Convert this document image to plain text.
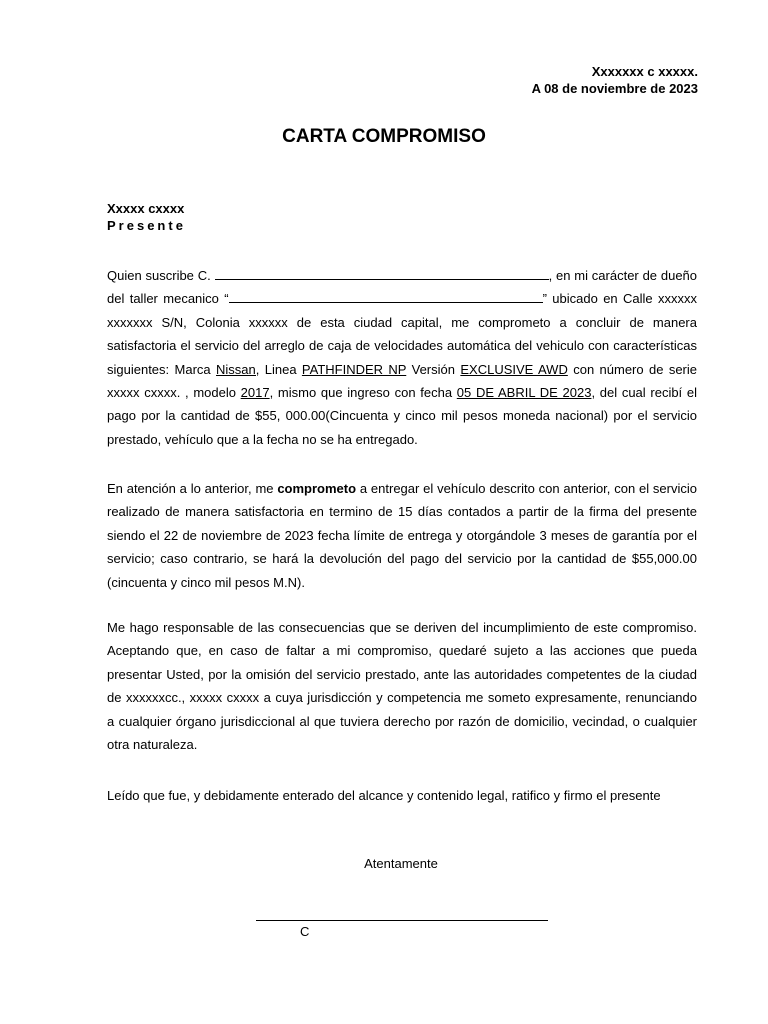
Xxxxxxx c xxxxx.
A 08 de noviembre de 2023
CARTA COMPROMISO
Xxxxx cxxxx
Presente
Quien suscribe C.	, en mi carácter de dueño del taller mecanico “	” ubicado en Calle xxxxxx xxxxxxx S/N, Colonia xxxxxx de esta ciudad capital, me comprometo a concluir de manera satisfactoria el servicio del arreglo de caja de velocidades automática del vehiculo con características siguientes: Marca Nissan, Linea PATHFINDER NP Versión EXCLUSIVE AWD con número de serie xxxxx cxxxx. , modelo 2017, mismo que ingreso con fecha 05 DE ABRIL DE 2023, del cual recibí el pago por la cantidad de $55, 000.00(Cincuenta y cinco mil pesos moneda nacional) por el servicio prestado, vehículo que a la fecha no se ha entregado.
En atención a lo anterior, me comprometo a entregar el vehículo descrito con anterior, con el servicio realizado de manera satisfactoria en termino de 15 días contados a partir de la firma del presente siendo el 22 de noviembre de 2023 fecha límite de entrega y otorgándole 3 meses de garantía por el servicio; caso contrario, se hará la devolución del pago del servicio por la cantidad de $55,000.00 (cincuenta y cinco mil pesos M.N).
Me hago responsable de las consecuencias que se deriven del incumplimiento de este compromiso. Aceptando que, en caso de faltar a mi compromiso, quedaré sujeto a las acciones que pueda presentar Usted, por la omisión del servicio prestado, ante las autoridades competentes de la ciudad de xxxxxxcc., xxxxx cxxxx a cuya jurisdicción y competencia me someto expresamente, renunciando a cualquier órgano jurisdiccional al que tuviera derecho por razón de domicilio, vecindad, o cualquier otra naturaleza.
Leído que fue, y debidamente enterado del alcance y contenido legal, ratifico y firmo el presente
Atentamente
C
